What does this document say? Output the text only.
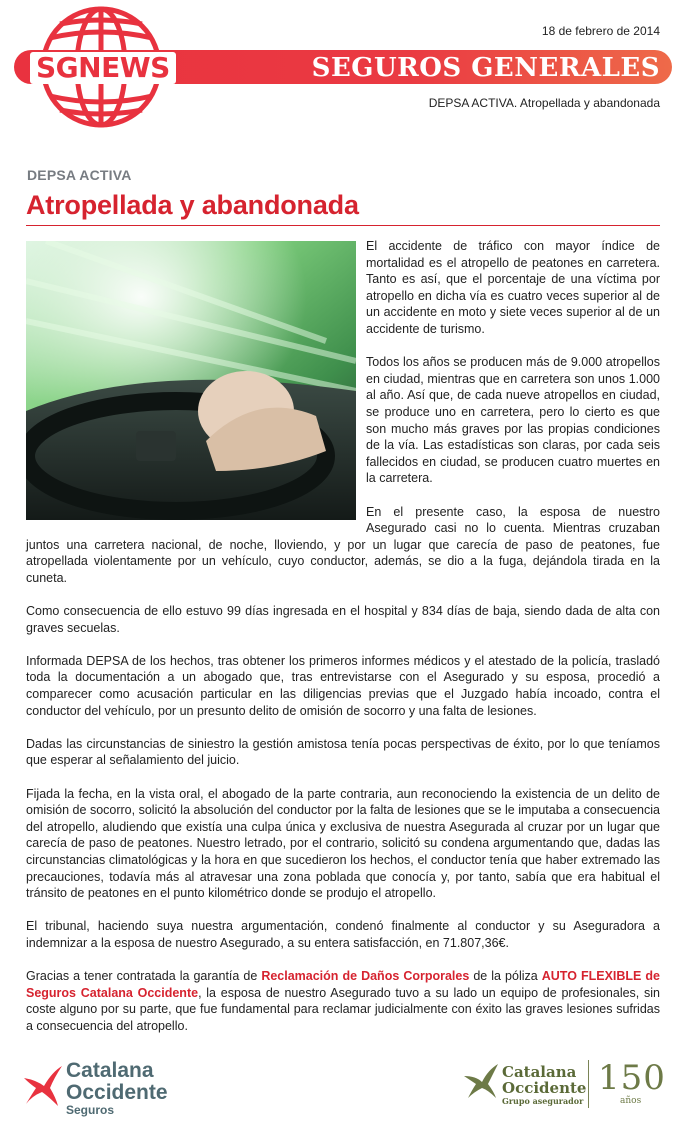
SGNEWS	SEGUROS GENERALES
18 de febrero de 2014
DEPSA ACTIVA. Atropellada y abandonada
DEPSA ACTIVA
Atropellada y abandonada

El accidente de tráfico con mayor índice de mortalidad es el atropello de peatones en carretera. Tanto es así, que el porcentaje de una víctima por atropello en dicha vía es cuatro veces superior al de un accidente en moto y siete veces superior al de un accidente de turismo.

Todos los años se producen más de 9.000 atropellos en ciudad, mientras que en carretera son unos 1.000 al año. Así que, de cada nueve atropellos en ciudad, se produce uno en carretera, pero lo cierto es que son mucho más graves por las propias condiciones de la vía. Las estadísticas son claras, por cada seis fallecidos en ciudad, se producen cuatro muertes en la carretera.

En el presente caso, la esposa de nuestro Asegurado casi no lo cuenta. Mientras cruzaban juntos una carretera nacional, de noche, lloviendo, y por un lugar que carecía de paso de peatones, fue atropellada violentamente por un vehículo, cuyo conductor, además, se dio a la fuga, dejándola tirada en la cuneta.

Como consecuencia de ello estuvo 99 días ingresada en el hospital y 834 días de baja, siendo dada de alta con graves secuelas.

Informada DEPSA de los hechos, tras obtener los primeros informes médicos y el atestado de la policía, trasladó toda la documentación a un abogado que, tras entrevistarse con el Asegurado y su esposa, procedió a comparecer como acusación particular en las diligencias previas que el Juzgado había incoado, contra el conductor del vehículo, por un presunto delito de omisión de socorro y una falta de lesiones.

Dadas las circunstancias de siniestro la gestión amistosa tenía pocas perspectivas de éxito, por lo que teníamos que esperar al señalamiento del juicio.

Fijada la fecha, en la vista oral, el abogado de la parte contraria, aun reconociendo la existencia de un delito de omisión de socorro, solicitó la absolución del conductor por la falta de lesiones que se le imputaba a consecuencia del atropello, aludiendo que existía una culpa única y exclusiva de nuestra Asegurada al cruzar por un lugar que carecía de paso de peatones. Nuestro letrado, por el contrario, solicitó su condena argumentando que, dadas las circunstancias climatológicas y la hora en que sucedieron los hechos, el conductor tenía que haber extremado las precauciones, todavía más al atravesar una zona poblada que conocía y, por tanto, sabía que era habitual el tránsito de peatones en el punto kilométrico donde se produjo el atropello.

El tribunal, haciendo suya nuestra argumentación, condenó finalmente al conductor y su Aseguradora a indemnizar a la esposa de nuestro Asegurado, a su entera satisfacción, en 71.807,36€.

Gracias a tener contratada la garantía de Reclamación de Daños Corporales de la póliza AUTO FLEXIBLE de Seguros Catalana Occidente, la esposa de nuestro Asegurado tuvo a su lado un equipo de profesionales, sin coste alguno por su parte, que fue fundamental para reclamar judicialmente con éxito las graves lesiones sufridas a consecuencia del atropello.

Catalana
Occidente
Seguros
Catalana
Occidente
Grupo asegurador
150
años
